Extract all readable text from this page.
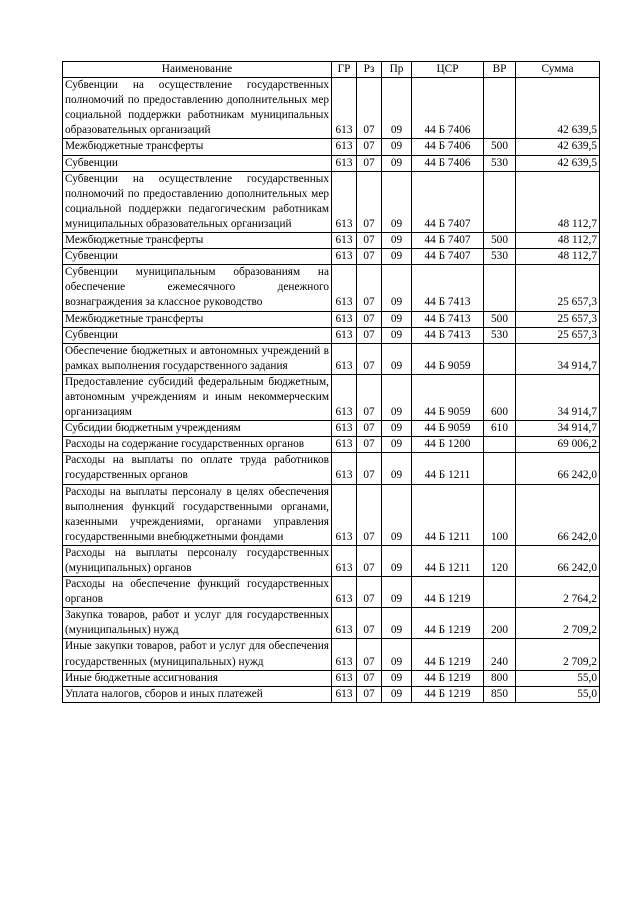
Наименование	ГР	Рз	Пр	ЦСР	ВР	Сумма
Субвенции на осуществление государственных полномочий по предоставлению дополнительных мер социальной поддержки работникам муниципальных образовательных организаций	613	07	09	44 Б 7406		42 639,5
Межбюджетные трансферты	613	07	09	44 Б 7406	500	42 639,5
Субвенции	613	07	09	44 Б 7406	530	42 639,5
Субвенции на осуществление государственных полномочий по предоставлению дополнительных мер социальной поддержки педагогическим работникам муниципальных образовательных организаций	613	07	09	44 Б 7407		48 112,7
Межбюджетные трансферты	613	07	09	44 Б 7407	500	48 112,7
Субвенции	613	07	09	44 Б 7407	530	48 112,7
Субвенции муниципальным образованиям на обеспечение ежемесячного денежного вознаграждения за классное руководство	613	07	09	44 Б 7413		25 657,3
Межбюджетные трансферты	613	07	09	44 Б 7413	500	25 657,3
Субвенции	613	07	09	44 Б 7413	530	25 657,3
Обеспечение бюджетных и автономных учреждений в рамках выполнения государственного задания	613	07	09	44 Б 9059		34 914,7
Предоставление субсидий федеральным бюджетным, автономным учреждениям и иным некоммерческим организациям	613	07	09	44 Б 9059	600	34 914,7
Субсидии бюджетным учреждениям	613	07	09	44 Б 9059	610	34 914,7
Расходы на содержание государственных органов	613	07	09	44 Б 1200		69 006,2
Расходы на выплаты по оплате труда работников государственных органов	613	07	09	44 Б 1211		66 242,0
Расходы на выплаты персоналу в целях обеспечения выполнения функций государственными органами, казенными учреждениями, органами управления государственными внебюджетными фондами	613	07	09	44 Б 1211	100	66 242,0
Расходы на выплаты персоналу государственных (муниципальных) органов	613	07	09	44 Б 1211	120	66 242,0
Расходы на обеспечение функций государственных органов	613	07	09	44 Б 1219		2 764,2
Закупка товаров, работ и услуг для государственных (муниципальных) нужд	613	07	09	44 Б 1219	200	2 709,2
Иные закупки товаров, работ и услуг для обеспечения государственных (муниципальных) нужд	613	07	09	44 Б 1219	240	2 709,2
Иные бюджетные ассигнования	613	07	09	44 Б 1219	800	55,0
Уплата налогов, сборов и иных платежей	613	07	09	44 Б 1219	850	55,0
